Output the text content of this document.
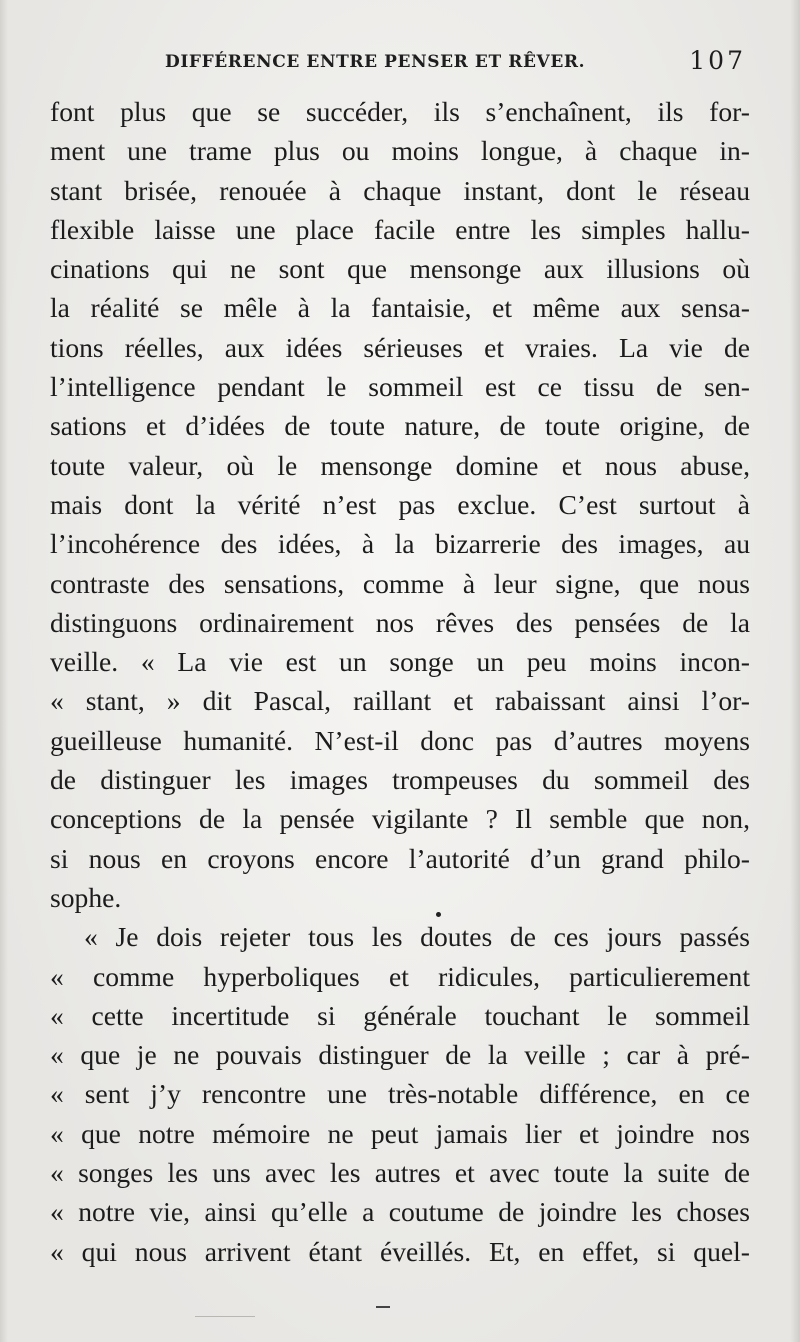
DIFFÉRENCE ENTRE PENSER ET RÊVER.	107
font plus que se succéder, ils s’enchaînent, ils for-
ment une trame plus ou moins longue, à chaque in-
stant brisée, renouée à chaque instant, dont le réseau
flexible laisse une place facile entre les simples hallu-
cinations qui ne sont que mensonge aux illusions où
la réalité se mêle à la fantaisie, et même aux sensa-
tions réelles, aux idées sérieuses et vraies. La vie de
l’intelligence pendant le sommeil est ce tissu de sen-
sations et d’idées de toute nature, de toute origine, de
toute valeur, où le mensonge domine et nous abuse,
mais dont la vérité n’est pas exclue. C’est surtout à
l’incohérence des idées, à la bizarrerie des images, au
contraste des sensations, comme à leur signe, que nous
distinguons ordinairement nos rêves des pensées de la
veille. « La vie est un songe un peu moins incon-
« stant, » dit Pascal, raillant et rabaissant ainsi l’or-
gueilleuse humanité. N’est-il donc pas d’autres moyens
de distinguer les images trompeuses du sommeil des
conceptions de la pensée vigilante ? Il semble que non,
si nous en croyons encore l’autorité d’un grand philo-
sophe.
« Je dois rejeter tous les doutes de ces jours passés
« comme hyperboliques et ridicules, particulierement
« cette incertitude si générale touchant le sommeil
« que je ne pouvais distinguer de la veille ; car à pré-
« sent j’y rencontre une très-notable différence, en ce
« que notre mémoire ne peut jamais lier et joindre nos
« songes les uns avec les autres et avec toute la suite de
« notre vie, ainsi qu’elle a coutume de joindre les choses
« qui nous arrivent étant éveillés. Et, en effet, si quel-
